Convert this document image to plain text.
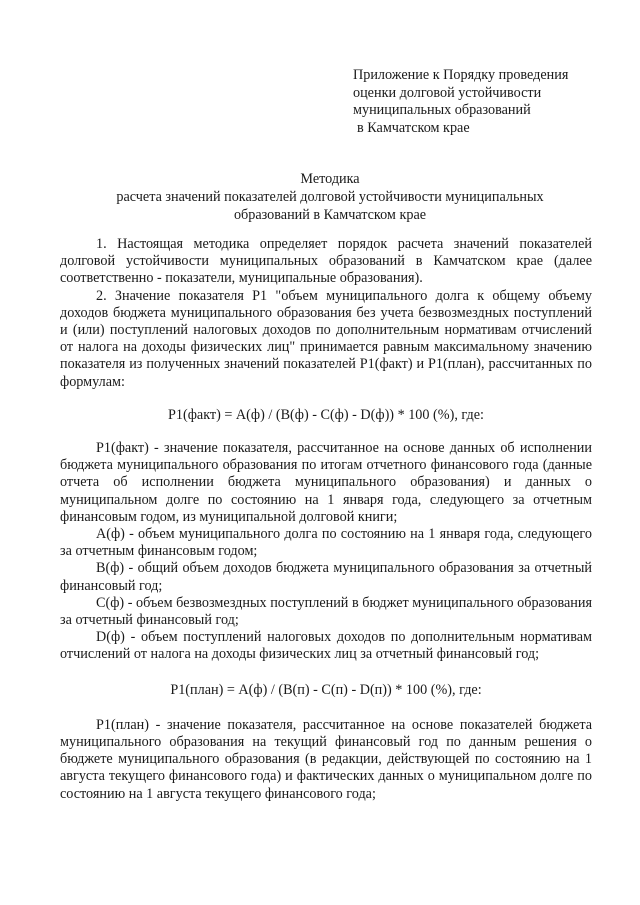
Приложение к Порядку проведения
оценки долговой устойчивости
муниципальных образований
в Камчатском крае
Методика
расчета значений показателей долговой устойчивости муниципальных
образований в Камчатском крае

1. Настоящая методика определяет порядок расчета значений показателей долговой устойчивости муниципальных образований в Камчатском крае (далее соответственно - показатели, муниципальные образования).

2. Значение показателя Р1 "объем муниципального долга к общему объему доходов бюджета муниципального образования без учета безвозмездных поступлений и (или) поступлений налоговых доходов по дополнительным нормативам отчислений от налога на доходы физических лиц" принимается равным максимальному значению показателя из полученных значений показателей Р1(факт) и Р1(план), рассчитанных по формулам:

Р1(факт) = А(ф) / (В(ф) - С(ф) - D(ф)) * 100 (%), где:

Р1(факт) - значение показателя, рассчитанное на основе данных об исполнении бюджета муниципального образования по итогам отчетного финансового года (данные отчета об исполнении бюджета муниципального образования) и данных о муниципальном долге по состоянию на 1 января года, следующего за отчетным финансовым годом, из муниципальной долговой книги;

А(ф) - объем муниципального долга по состоянию на 1 января года, следующего за отчетным финансовым годом;

В(ф) - общий объем доходов бюджета муниципального образования за отчетный финансовый год;

С(ф) - объем безвозмездных поступлений в бюджет муниципального образования за отчетный финансовый год;

D(ф) - объем поступлений налоговых доходов по дополнительным нормативам отчислений от налога на доходы физических лиц за отчетный финансовый год;

Р1(план) = А(ф) / (В(п) - С(п) - D(п)) * 100 (%), где:

Р1(план) - значение показателя, рассчитанное на основе показателей бюджета муниципального образования на текущий финансовый год по данным решения о бюджете муниципального образования (в редакции, действующей по состоянию на 1 августа текущего финансового года) и фактических данных о муниципальном долге по состоянию на 1 августа текущего финансового года;
